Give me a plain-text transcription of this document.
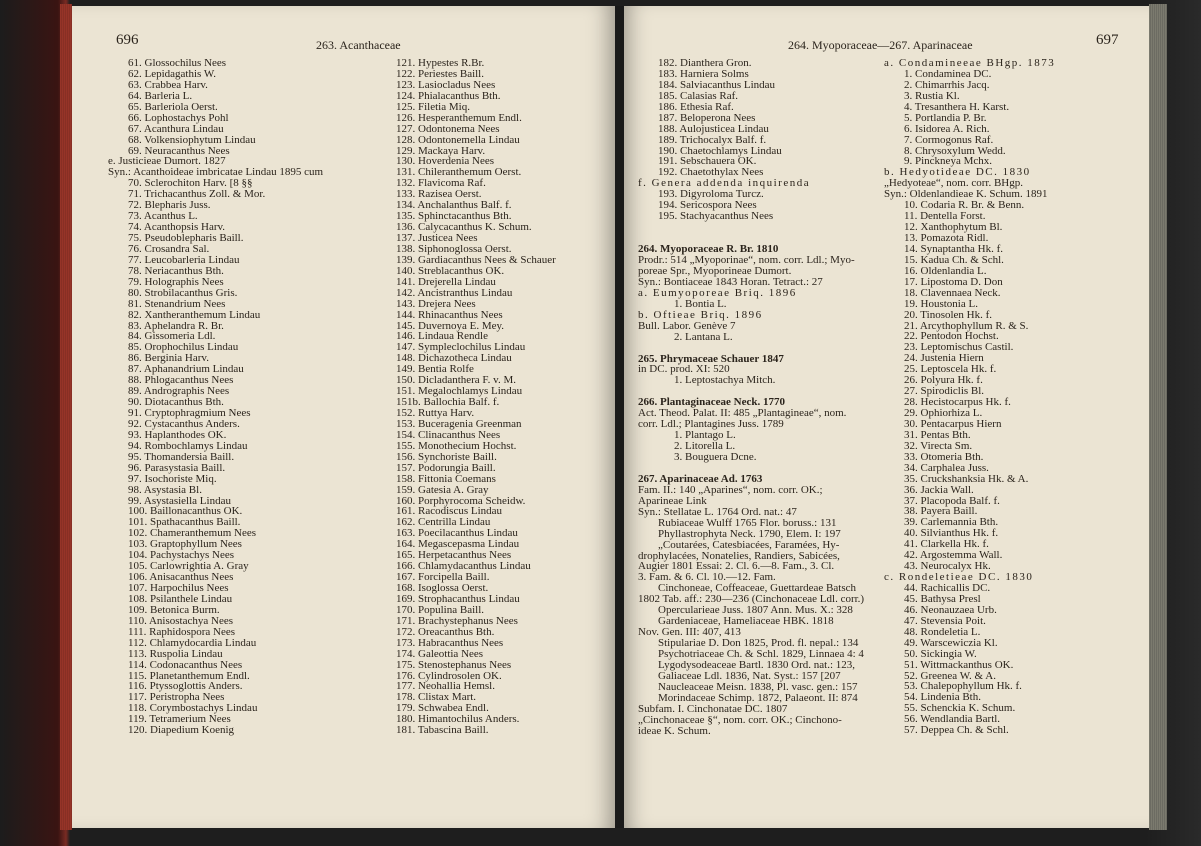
696	263. Acanthaceae
61. Glossochilus Nees
62. Lepidagathis W.
63. Crabbea Harv.
64. Barleria L.
65. Barleriola Oerst.
66. Lophostachys Pohl
67. Acanthura Lindau
68. Volkensiophytum Lindau
69. Neuracanthus Nees
e. Justicieae Dumort. 1827
Syn.: Acanthoideae imbricatae Lindau 1895 cum
70. Sclerochiton Harv. [8 §§
71. Trichacanthus Zoll. & Mor.
72. Blepharis Juss.
73. Acanthus L.
74. Acanthopsis Harv.
75. Pseudoblepharis Baill.
76. Crosandra Sal.
77. Leucobarleria Lindau
78. Neriacanthus Bth.
79. Holographis Nees
80. Strobilacanthus Gris.
81. Stenandrium Nees
82. Xantheranthemum Lindau
83. Aphelandra R. Br.
84. Gissomeria Ldl.
85. Orophochilus Lindau
86. Berginia Harv.
87. Aphanandrium Lindau
88. Phlogacanthus Nees
89. Andrographis Nees
90. Diotacanthus Bth.
91. Cryptophragmium Nees
92. Cystacanthus Anders.
93. Haplanthodes OK.
94. Rombochlamys Lindau
95. Thomandersia Baill.
96. Parasystasia Baill.
97. Isochoriste Miq.
98. Asystasia Bl.
99. Asystasiella Lindau
100. Baillonacanthus OK.
101. Spathacanthus Baill.
102. Chameranthemum Nees
103. Graptophyllum Nees
104. Pachystachys Nees
105. Carlowrightia A. Gray
106. Anisacanthus Nees
107. Harpochilus Nees
108. Psilanthele Lindau
109. Betonica Burm.
110. Anisostachya Nees
111. Raphidospora Nees
112. Chlamydocardia Lindau
113. Ruspolia Lindau
114. Codonacanthus Nees
115. Planetanthemum Endl.
116. Ptyssoglottis Anders.
117. Peristropha Nees
118. Corymbostachys Lindau
119. Tetramerium Nees
120. Diapedium Koenig
121. Hypestes R.Br.
122. Periestes Baill.
123. Lasiocladus Nees
124. Phialacanthus Bth.
125. Filetia Miq.
126. Hesperanthemum Endl.
127. Odontonema Nees
128. Odontonemella Lindau
129. Mackaya Harv.
130. Hoverdenia Nees
131. Chileranthemum Oerst.
132. Flavicoma Raf.
133. Razisea Oerst.
134. Anchalanthus Balf. f.
135. Sphinctacanthus Bth.
136. Calycacanthus K. Schum.
137. Justicea Nees
138. Siphonoglossa Oerst.
139. Gardiacanthus Nees & Schauer
140. Streblacanthus OK.
141. Drejerella Lindau
142. Ancistranthus Lindau
143. Drejera Nees
144. Rhinacanthus Nees
145. Duvernoya E. Mey.
146. Lindaua Rendle
147. Sympleclochilus Lindau
148. Dichazotheca Lindau
149. Bentia Rolfe
150. Dicladanthera F. v. M.
151. Megalochlamys Lindau
151b. Ballochia Balf. f.
152. Ruttya Harv.
153. Buceragenia Greenman
154. Clinacanthus Nees
155. Monothecium Hochst.
156. Synchoriste Baill.
157. Podorungia Baill.
158. Fittonia Coemans
159. Gatesia A. Gray
160. Porphyrocoma Scheidw.
161. Racodiscus Lindau
162. Centrilla Lindau
163. Poecilacanthus Lindau
164. Megascepasma Lindau
165. Herpetacanthus Nees
166. Chlamydacanthus Lindau
167. Forcipella Baill.
168. Isoglossa Oerst.
169. Strophacanthus Lindau
170. Populina Baill.
171. Brachystephanus Nees
172. Oreacanthus Bth.
173. Habracanthus Nees
174. Galeottia Nees
175. Stenostephanus Nees
176. Cylindrosolen OK.
177. Neohallia Hemsl.
178. Clistax Mart.
179. Schwabea Endl.
180. Himantochilus Anders.
181. Tabascina Baill.
264. Myoporaceae—267. Aparinaceae	697
182. Dianthera Gron.
183. Harniera Solms
184. Salviacanthus Lindau
185. Calasias Raf.
186. Ethesia Raf.
187. Beloperona Nees
188. Aulojusticea Lindau
189. Trichocalyx Balf. f.
190. Chaetochlamys Lindau
191. Sebschauera OK.
192. Chaetothylax Nees
f. Genera addenda inquirenda
193. Digyroloma Turcz.
194. Sericospora Nees
195. Stachyacanthus Nees
264. Myoporaceae R. Br. 1810
Prodr.: 514 „Myoporinae“, nom. corr. Ldl.; Myo-
poreae Spr., Myoporineae Dumort.
Syn.: Bontiaceae 1843 Horan. Tetract.: 27
a. Eumyoporeae Briq. 1896
1. Bontia L.
b. Oftieae Briq. 1896
Bull. Labor. Genève 7
2. Lantana L.
265. Phrymaceae Schauer 1847
in DC. prod. XI: 520
1. Leptostachya Mitch.
266. Plantaginaceae Neck. 1770
Act. Theod. Palat. II: 485 „Plantagineae“, nom.
corr. Ldl.; Plantagines Juss. 1789
1. Plantago L.
2. Litorella L.
3. Bouguera Dcne.
267. Aparinaceae Ad. 1763
Fam. II.: 140 „Aparines“, nom. corr. OK.;
Aparineae Link
Syn.: Stellatae L. 1764 Ord. nat.: 47
Rubiaceae Wulff 1765 Flor. boruss.: 131
Phyllastrophyta Neck. 1790, Elem. I: 197
„Coutarées, Catesbiacées, Faramées, Hy-
drophylacées, Nonatelies, Randiers, Sabicées,
Augier 1801 Essai: 2. Cl. 6.—8. Fam., 3. Cl.
3. Fam. & 6. Cl. 10.—12. Fam.
Cinchoneae, Coffeaceae, Guettardeae Batsch
1802 Tab. aff.: 230—236 (Cinchonaceae Ldl. corr.)
Opercularieae Juss. 1807 Ann. Mus. X.: 328
Gardeniaceae, Hameliaceae HBK. 1818
Nov. Gen. III: 407, 413
Stipulariae D. Don 1825, Prod. fl. nepal.: 134
Psychotriaceae Ch. & Schl. 1829, Linnaea 4: 4
Lygodysodeaceae Bartl. 1830 Ord. nat.: 123,
Galiaceae Ldl. 1836, Nat. Syst.: 157 [207
Naucleaceae Meisn. 1838, Pl. vasc. gen.: 157
Morindaceae Schimp. 1872, Palaeont. II: 874
Subfam. I. Cinchonatae DC. 1807
„Cinchonaceae §“, nom. corr. OK.; Cinchono-
ideae K. Schum.
a. Condamineeae BHgp. 1873
1. Condaminea DC.
2. Chimarrhis Jacq.
3. Rustia Kl.
4. Tresanthera H. Karst.
5. Portlandia P. Br.
6. Isidorea A. Rich.
7. Cormogonus Raf.
8. Chrysoxylum Wedd.
9. Pinckneya Mchx.
b. Hedyotideae DC. 1830
„Hedyoteae“, nom. corr. BHgp.
Syn.: Oldenlandieae K. Schum. 1891
10. Codaria R. Br. & Benn.
11. Dentella Forst.
12. Xanthophytum Bl.
13. Pomazota Ridl.
14. Synaptantha Hk. f.
15. Kadua Ch. & Schl.
16. Oldenlandia L.
17. Lipostoma D. Don
18. Clavennaea Neck.
19. Houstonia L.
20. Tinosolen Hk. f.
21. Arcythophyllum R. & S.
22. Pentodon Hochst.
23. Leptomischus Castil.
24. Justenia Hiern
25. Leptoscela Hk. f.
26. Polyura Hk. f.
27. Spirodiclis Bl.
28. Hecistocarpus Hk. f.
29. Ophiorhiza L.
30. Pentacarpus Hiern
31. Pentas Bth.
32. Virecta Sm.
33. Otomeria Bth.
34. Carphalea Juss.
35. Cruckshanksia Hk. & A.
36. Jackia Wall.
37. Placopoda Balf. f.
38. Payera Baill.
39. Carlemannia Bth.
40. Silvianthus Hk. f.
41. Clarkella Hk. f.
42. Argostemma Wall.
43. Neurocalyx Hk.
c. Rondeletieae DC. 1830
44. Rachicallis DC.
45. Bathysa Presl
46. Neonauzaea Urb.
47. Stevensia Poit.
48. Rondeletia L.
49. Warscewiczia Kl.
50. Sickingia W.
51. Wittmackanthus OK.
52. Greenea W. & A.
53. Chalepophyllum Hk. f.
54. Lindenia Bth.
55. Schenckia K. Schum.
56. Wendlandia Bartl.
57. Deppea Ch. & Schl.
